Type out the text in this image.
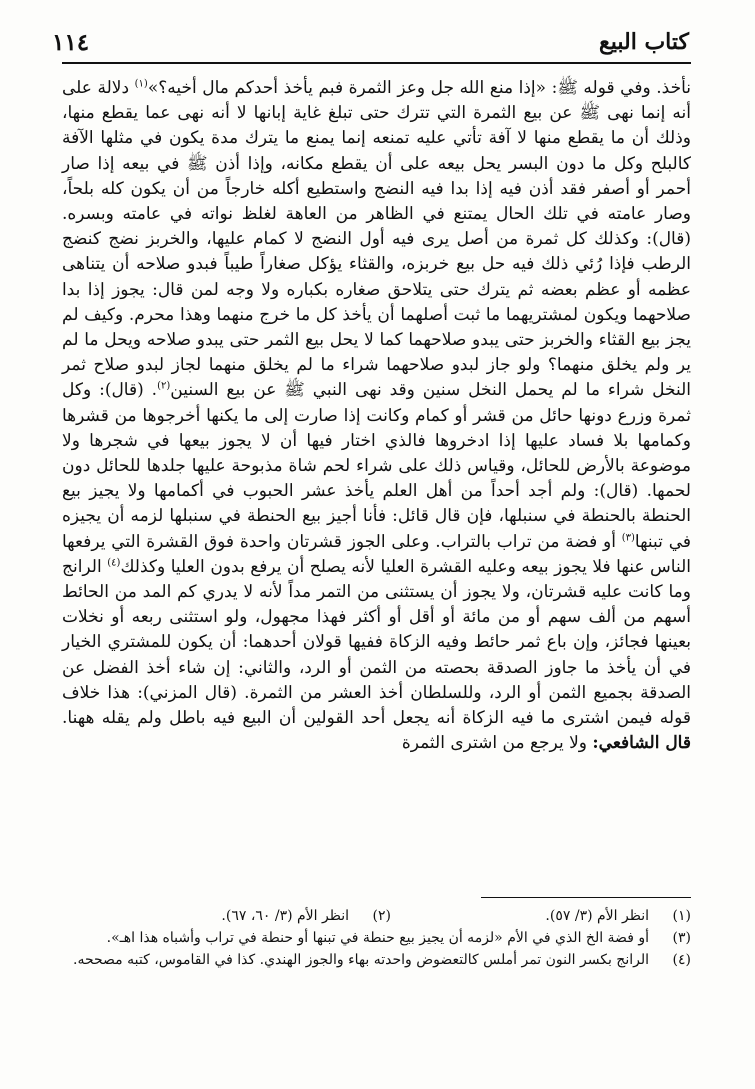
١١٤	كتاب البيع

نأخذ. وفي قوله ﷺ: «إذا منع الله جل وعز الثمرة فبم يأخذ أحدكم مال أخيه؟»$^{(١)}$ دلالة على أنه إنما نهى ﷺ عن بيع الثمرة التي تترك حتى تبلغ غاية إبانها لا أنه نهى عما يقطع منها، وذلك أن ما يقطع منها لا آفة تأتي عليه تمنعه إنما يمنع ما يترك مدة يكون في مثلها الآفة كالبلح وكل ما دون البسر يحل بيعه على أن يقطع مكانه، وإذا أذن ﷺ في بيعه إذا صار أحمر أو أصفر فقد أذن فيه إذا بدا فيه النضج واستطيع أكله خارجاً من أن يكون كله بلحاً، وصار عامته في تلك الحال يمتنع في الظاهر من العاهة لغلظ نواته في عامته وبسره. (قال): وكذلك كل ثمرة من أصل يرى فيه أول النضج لا كمام عليها، والخربز نضج كنضج الرطب فإذا رُئي ذلك فيه حل بيع خربزه، والقثاء يؤكل صغاراً طيباً فبدو صلاحه أن يتناهى عظمه أو عظم بعضه ثم يترك حتى يتلاحق صغاره بكباره ولا وجه لمن قال: يجوز إذا بدا صلاحهما ويكون لمشتريهما ما ثبت أصلهما أن يأخذ كل ما خرج منهما وهذا محرم. وكيف لم يجز بيع القثاء والخربز حتى يبدو صلاحهما كما لا يحل بيع الثمر حتى يبدو صلاحه ويحل ما لم ير ولم يخلق منهما؟ ولو جاز لبدو صلاحهما شراء ما لم يخلق منهما لجاز لبدو صلاح ثمر النخل شراء ما لم يحمل النخل سنين وقد نهى النبي ﷺ عن بيع السنين$^{(٢)}$. (قال): وكل ثمرة وزرع دونها حائل من قشر أو كمام وكانت إذا صارت إلى ما يكنها أخرجوها من قشرها وكمامها بلا فساد عليها إذا ادخروها فالذي اختار فيها أن لا يجوز بيعها في شجرها ولا موضوعة بالأرض للحائل، وقياس ذلك على شراء لحم شاة مذبوحة عليها جلدها للحائل دون لحمها. (قال): ولم أجد أحداً من أهل العلم يأخذ عشر الحبوب في أكمامها ولا يجيز بيع الحنطة بالحنطة في سنبلها، فإن قال قائل: فأنا أجيز بيع الحنطة في سنبلها لزمه أن يجيزه في تبنها$^{(٣)}$ أو فضة من تراب بالتراب. وعلى الجوز قشرتان واحدة فوق القشرة التي يرفعها الناس عنها فلا يجوز بيعه وعليه القشرة العليا لأنه يصلح أن يرفع بدون العليا وكذلك$^{(٤)}$ الرانج وما كانت عليه قشرتان، ولا يجوز أن يستثنى من التمر مداً لأنه لا يدري كم المد من الحائط أسهم من ألف سهم أو من مائة أو أقل أو أكثر فهذا مجهول، ولو استثنى ربعه أو نخلات بعينها فجائز، وإن باع ثمر حائط وفيه الزكاة ففيها قولان أحدهما: أن يكون للمشتري الخيار في أن يأخذ ما جاوز الصدقة بحصته من الثمن أو الرد، والثاني: إن شاء أخذ الفضل عن الصدقة بجميع الثمن أو الرد، وللسلطان أخذ العشر من الثمرة. (قال المزني): هذا خلاف قوله فيمن اشترى ما فيه الزكاة أنه يجعل أحد القولين أن البيع فيه باطل ولم يقله ههنا. قال الشافعي: ولا يرجع من اشترى الثمرة

(١)
انظر الأم (٣/ ٥٧).
(٢)
انظر الأم (٣/ ٦٠، ٦٧).
(٣)
أو فضة الخ الذي في الأم «لزمه أن يجيز بيع حنطة في تبنها أو حنطة في تراب وأشباه هذا اهـ».
(٤)
الرانج بكسر النون تمر أملس كالتعضوض واحدته بهاء والجوز الهندي. كذا في القاموس، كتبه مصححه.
